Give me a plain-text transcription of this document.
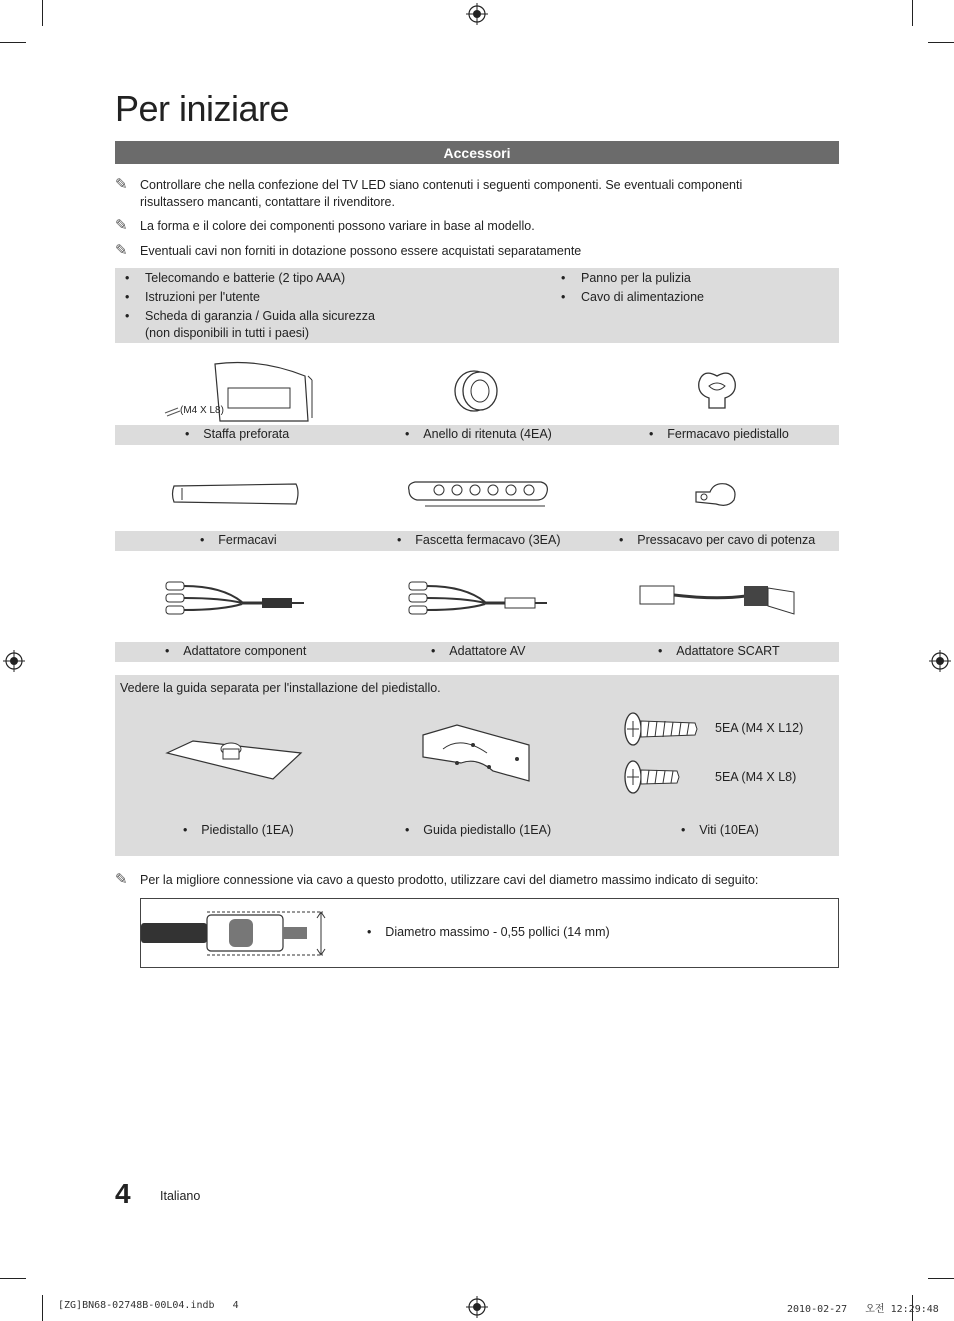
Per iniziare
Accessori
✎ Controllare che nella confezione del TV LED siano contenuti i seguenti componenti. Se eventuali componenti
risultassero mancanti, contattare il rivenditore.
✎ La forma e il colore dei componenti possono variare in base al modello.
✎ Eventuali cavi non forniti in dotazione possono essere acquistati separatamente
• Telecomando e batterie (2 tipo AAA)
• Istruzioni per l'utente
• Scheda di garanzia / Guida alla sicurezza
(non disponibili in tutti i paesi)
• Panno per la pulizia
• Cavo di alimentazione
(M4 X L8)
• Staffa preforata	• Anello di ritenuta (4EA)	• Fermacavo piedistallo
• Fermacavi	• Fascetta fermacavo (3EA)	• Pressacavo per cavo di potenza
• Adattatore component	• Adattatore AV	• Adattatore SCART
Vedere la guida separata per l'installazione del piedistallo.
5EA (M4 X L12)
5EA (M4 X L8)
• Piedistallo (1EA)	• Guida piedistallo (1EA)	• Viti (10EA)
✎ Per la migliore connessione via cavo a questo prodotto, utilizzare cavi del diametro massimo indicato di seguito:
• Diametro massimo - 0,55 pollici (14 mm)
4 Italiano
[ZG]BN68-02748B-00L04.indb   4	2010-02-27   오전 12:29:48
